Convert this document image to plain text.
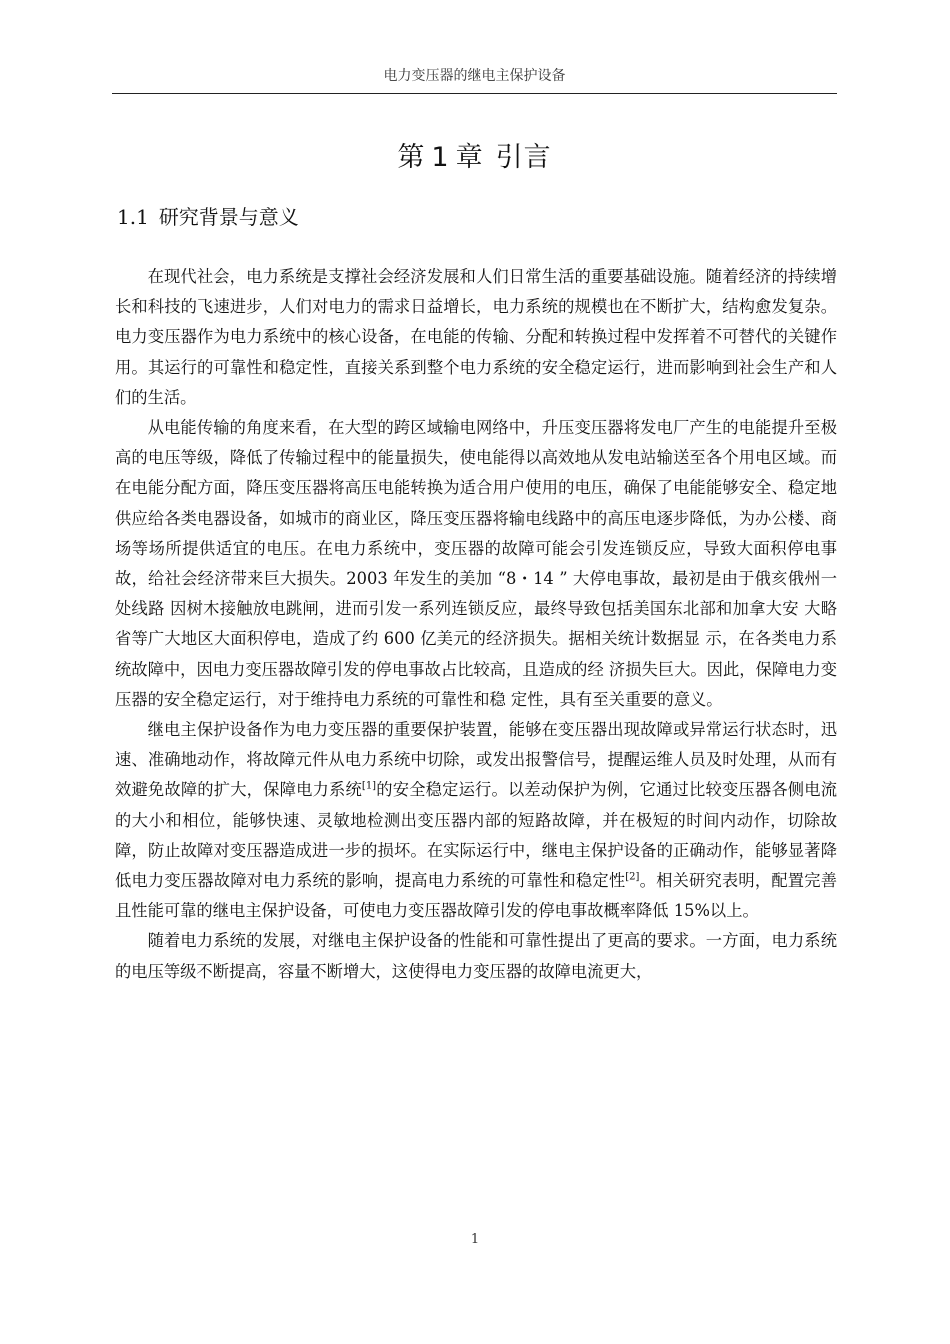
电力变压器的继电主保护设备
第 1 章 引言
1.1 研究背景与意义

在现代社会，电力系统是支撑社会经济发展和人们日常生活的重要基础设施。随着经济的持续增长和科技的飞速进步，人们对电力的需求日益增长，电力系统的规模也在不断扩大，结构愈发复杂。电力变压器作为电力系统中的核心设备，在电能的传输、分配和转换过程中发挥着不可替代的关键作用。其运行的可靠性和稳定性，直接关系到整个电力系统的安全稳定运行，进而影响到社会生产和人们的生活。

从电能传输的角度来看，在大型的跨区域输电网络中，升压变压器将发电厂产生的电能提升至极高的电压等级，降低了传输过程中的能量损失，使电能得以高效地从发电站输送至各个用电区域。而在电能分配方面，降压变压器将高压电能转换为适合用户使用的电压，确保了电能能够安全、稳定地供应给各类电器设备，如城市的商业区，降压变压器将输电线路中的高压电逐步降低，为办公楼、商场等场所提供适宜的电压。在电力系统中，变压器的故障可能会引发连锁反应，导致大面积停电事故，给社会经济带来巨大损失。2003 年发生的美加 “8・14 ” 大停电事故，最初是由于俄亥俄州一处线路 因树木接触放电跳闸，进而引发一系列连锁反应，最终导致包括美国东北部和加拿大安 大略省等广大地区大面积停电，造成了约 600 亿美元的经济损失。据相关统计数据显 示，在各类电力系统故障中，因电力变压器故障引发的停电事故占比较高，且造成的经 济损失巨大。因此，保障电力变压器的安全稳定运行，对于维持电力系统的可靠性和稳 定性，具有至关重要的意义。

继电主保护设备作为电力变压器的重要保护装置，能够在变压器出现故障或异常运行状态时，迅速、准确地动作，将故障元件从电力系统中切除，或发出报警信号，提醒运维人员及时处理，从而有效避免故障的扩大，保障电力系统[1]的安全稳定运行。以差动保护为例，它通过比较变压器各侧电流的大小和相位，能够快速、灵敏地检测出变压器内部的短路故障，并在极短的时间内动作，切除故障，防止故障对变压器造成进一步的损坏。在实际运行中，继电主保护设备的正确动作，能够显著降低电力变压器故障对电力系统的影响，提高电力系统的可靠性和稳定性[2]。相关研究表明，配置完善且性能可靠的继电主保护设备，可使电力变压器故障引发的停电事故概率降低 15%以上。

随着电力系统的发展，对继电主保护设备的性能和可靠性提出了更高的要求。一方面，电力系统的电压等级不断提高，容量不断增大，这使得电力变压器的故障电流更大，

1
